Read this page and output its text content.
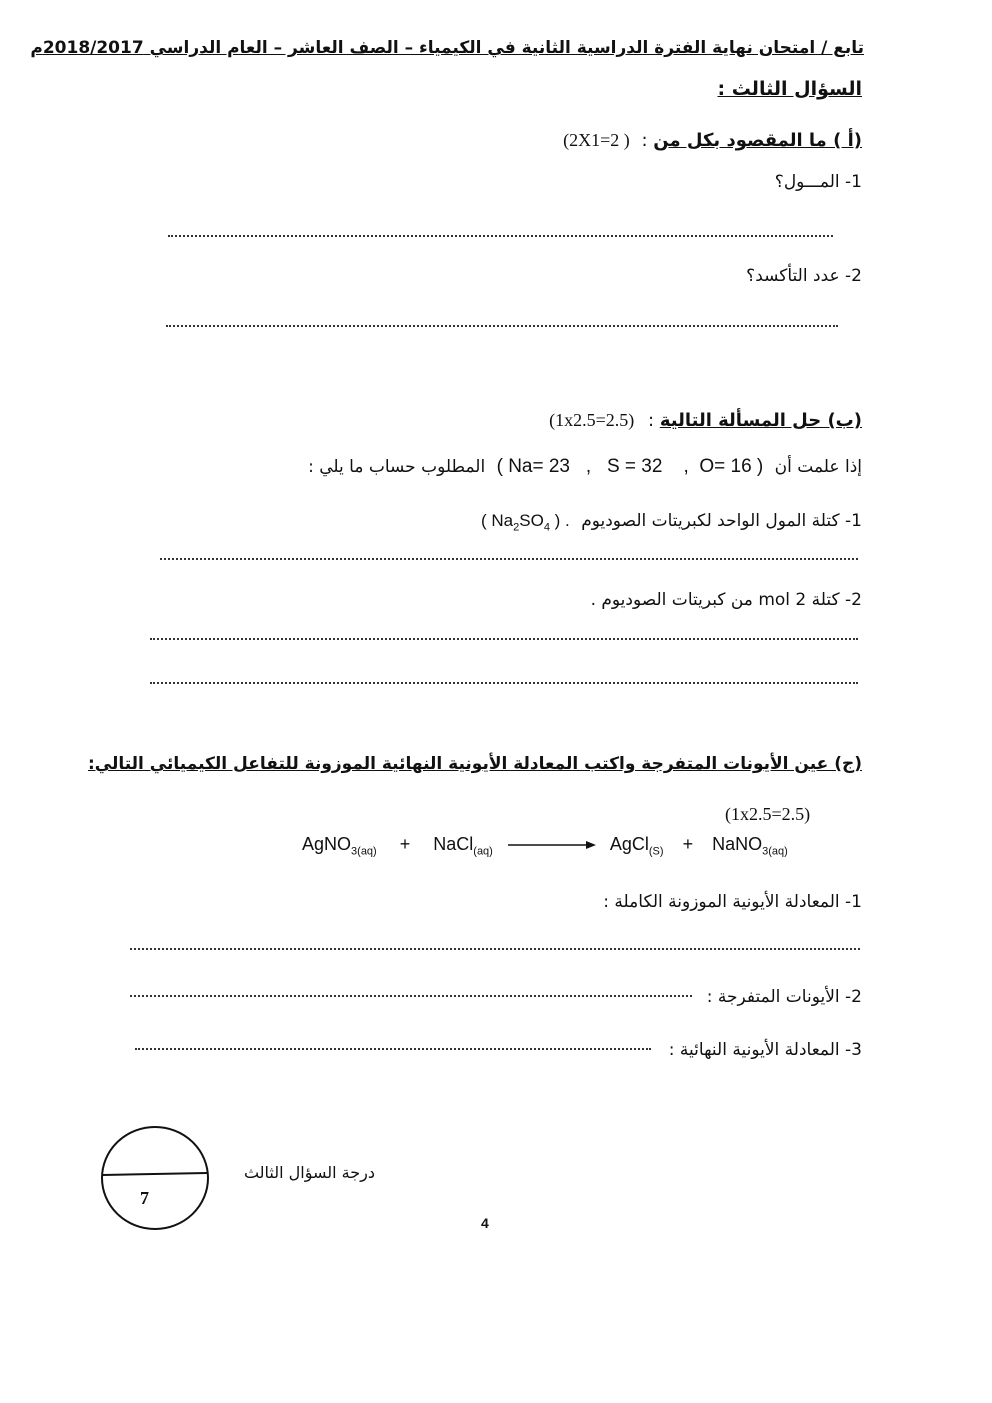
تابع / امتحان نهاية الفترة الدراسية الثانية في الكيمياء – الصف العاشر – العام الدراسي 2018/2017م
السؤال الثالث :
(أ ) ما المقصود بكل من : ( 2X1=2)
1- المـــول؟
2- عدد التأكسد؟
(ب) حل المسألة التالية : (1x2.5=2.5)
إذا علمت أن ( Na= 23   ,   S = 32    ,  O= 16 ) المطلوب حساب ما يلي :
1- كتلة المول الواحد لكبريتات الصوديوم ( $Na_2SO_4$ ) .
2- كتلة 2 mol من كبريتات الصوديوم .
(ج) عين الأيونات المتفرجة واكتب المعادلة الأيونية النهائية الموزونة للتفاعل الكيميائي التالي:
(1x2.5=2.5)
AgNO$_{3(aq)}$ + NaCl$_{(aq)}$	AgCl$_{(S)}$ + NaNO$_{3(aq)}$
1- المعادلة الأيونية الموزونة الكاملة :
2- الأيونات المتفرجة :
3- المعادلة الأيونية النهائية :
7
درجة السؤال الثالث
4
